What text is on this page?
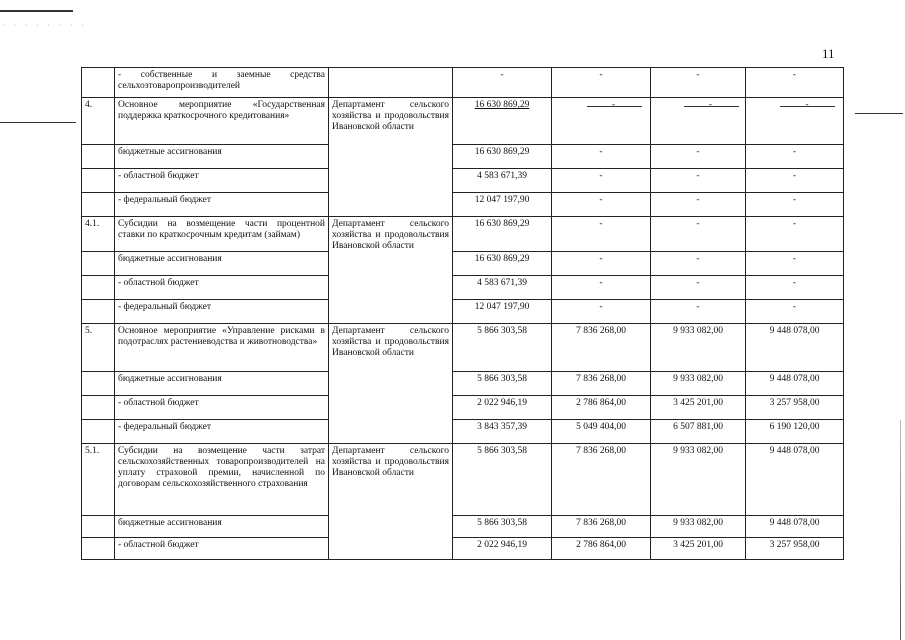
· · · · · · · ·
11
	- собственные и заемные средства сельхозтоваропроизводителей		-	-	-	-
4.	Основное мероприятие «Государственная поддержка краткосрочного кредитования»	Департамент сельского хозяйства и продовольствия Ивановской области	16 630 869,29	-	-	-
	бюджетные ассигнования		16 630 869,29	-	-	-
	- областной бюджет		4 583 671,39	-	-	-
	- федеральный бюджет		12 047 197,90	-	-	-
4.1.	Субсидии на возмещение части процентной ставки по краткосрочным кредитам (займам)	Департамент сельского хозяйства и продовольствия Ивановской области	16 630 869,29	-	-	-
	бюджетные ассигнования		16 630 869,29	-	-	-
	- областной бюджет		4 583 671,39	-	-	-
	- федеральный бюджет		12 047 197,90	-	-	-
5.	Основное мероприятие «Управление рисками в подотраслях растениеводства и животноводства»	Департамент сельского хозяйства и продовольствия Ивановской области	5 866 303,58	7 836 268,00	9 933 082,00	9 448 078,00
	бюджетные ассигнования		5 866 303,58	7 836 268,00	9 933 082,00	9 448 078,00
	- областной бюджет		2 022 946,19	2 786 864,00	3 425 201,00	3 257 958,00
	- федеральный бюджет		3 843 357,39	5 049 404,00	6 507 881,00	6 190 120,00
5.1.	Субсидии на возмещение части затрат сельскохозяйственных товаропроизводителей на уплату страховой премии, начисленной по договорам сельскохозяйственного страхования	Департамент сельского хозяйства и продовольствия Ивановской области	5 866 303,58	7 836 268,00	9 933 082,00	9 448 078,00
	бюджетные ассигнования		5 866 303,58	7 836 268,00	9 933 082,00	9 448 078,00
	- областной бюджет		2 022 946,19	2 786 864,00	3 425 201,00	3 257 958,00
